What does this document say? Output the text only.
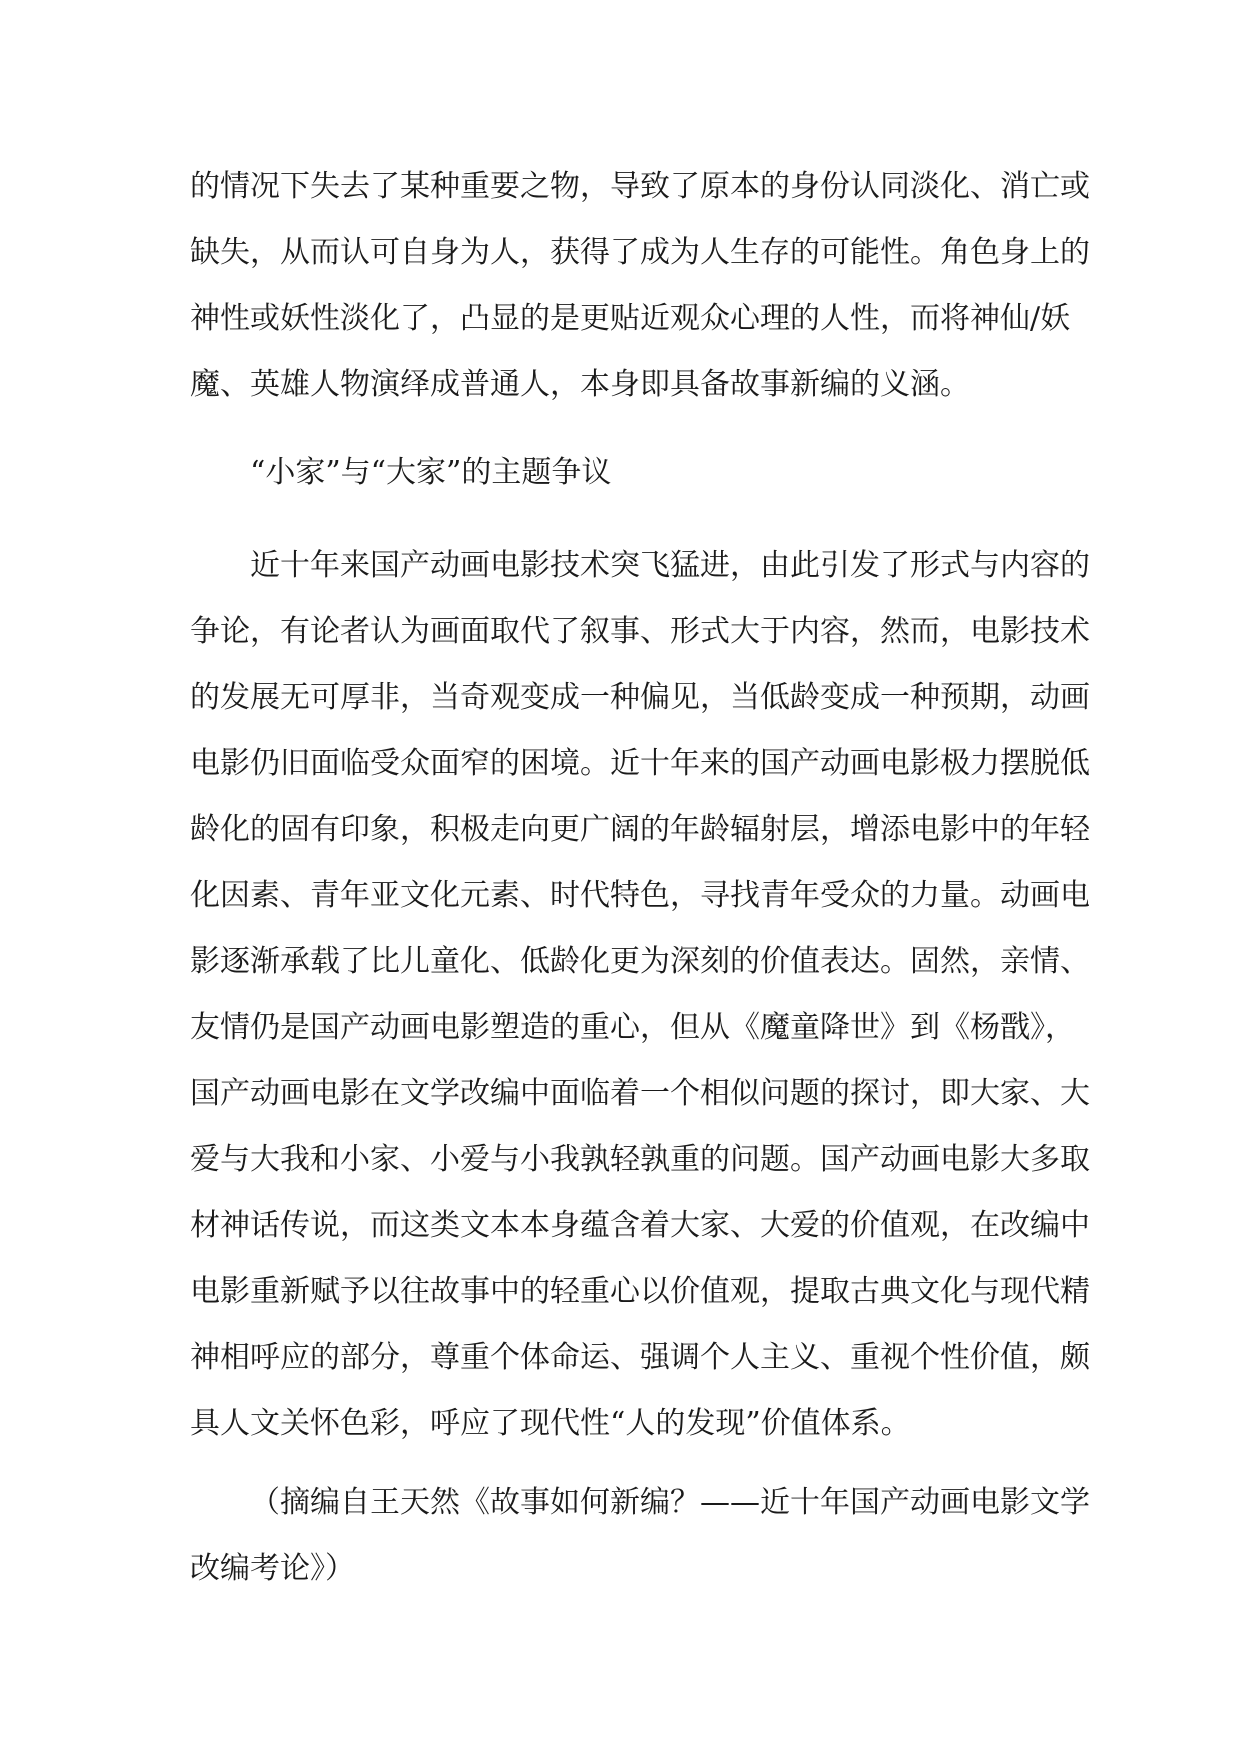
的情况下失去了某种重要之物，导致了原本的身份认同淡化、消亡或
缺失，从而认可自身为人，获得了成为人生存的可能性。角色身上的
神性或妖性淡化了，凸显的是更贴近观众心理的人性，而将神仙/妖
魔、英雄人物演绎成普通人，本身即具备故事新编的义涵。
“小家”与“大家”的主题争议
近十年来国产动画电影技术突飞猛进，由此引发了形式与内容的
争论，有论者认为画面取代了叙事、形式大于内容，然而，电影技术
的发展无可厚非，当奇观变成一种偏见，当低龄变成一种预期，动画
电影仍旧面临受众面窄的困境。近十年来的国产动画电影极力摆脱低
龄化的固有印象，积极走向更广阔的年龄辐射层，增添电影中的年轻
化因素、青年亚文化元素、时代特色，寻找青年受众的力量。动画电
影逐渐承载了比儿童化、低龄化更为深刻的价值表达。固然，亲情、
友情仍是国产动画电影塑造的重心，但从《魔童降世》到《杨戬》，
国产动画电影在文学改编中面临着一个相似问题的探讨，即大家、大
爱与大我和小家、小爱与小我孰轻孰重的问题。国产动画电影大多取
材神话传说，而这类文本本身蕴含着大家、大爱的价值观，在改编中
电影重新赋予以往故事中的轻重心以价值观，提取古典文化与现代精
神相呼应的部分，尊重个体命运、强调个人主义、重视个性价值，颇
具人文关怀色彩，呼应了现代性“人的发现”价值体系。
（摘编自王天然《故事如何新编？——近十年国产动画电影文学
改编考论》）
